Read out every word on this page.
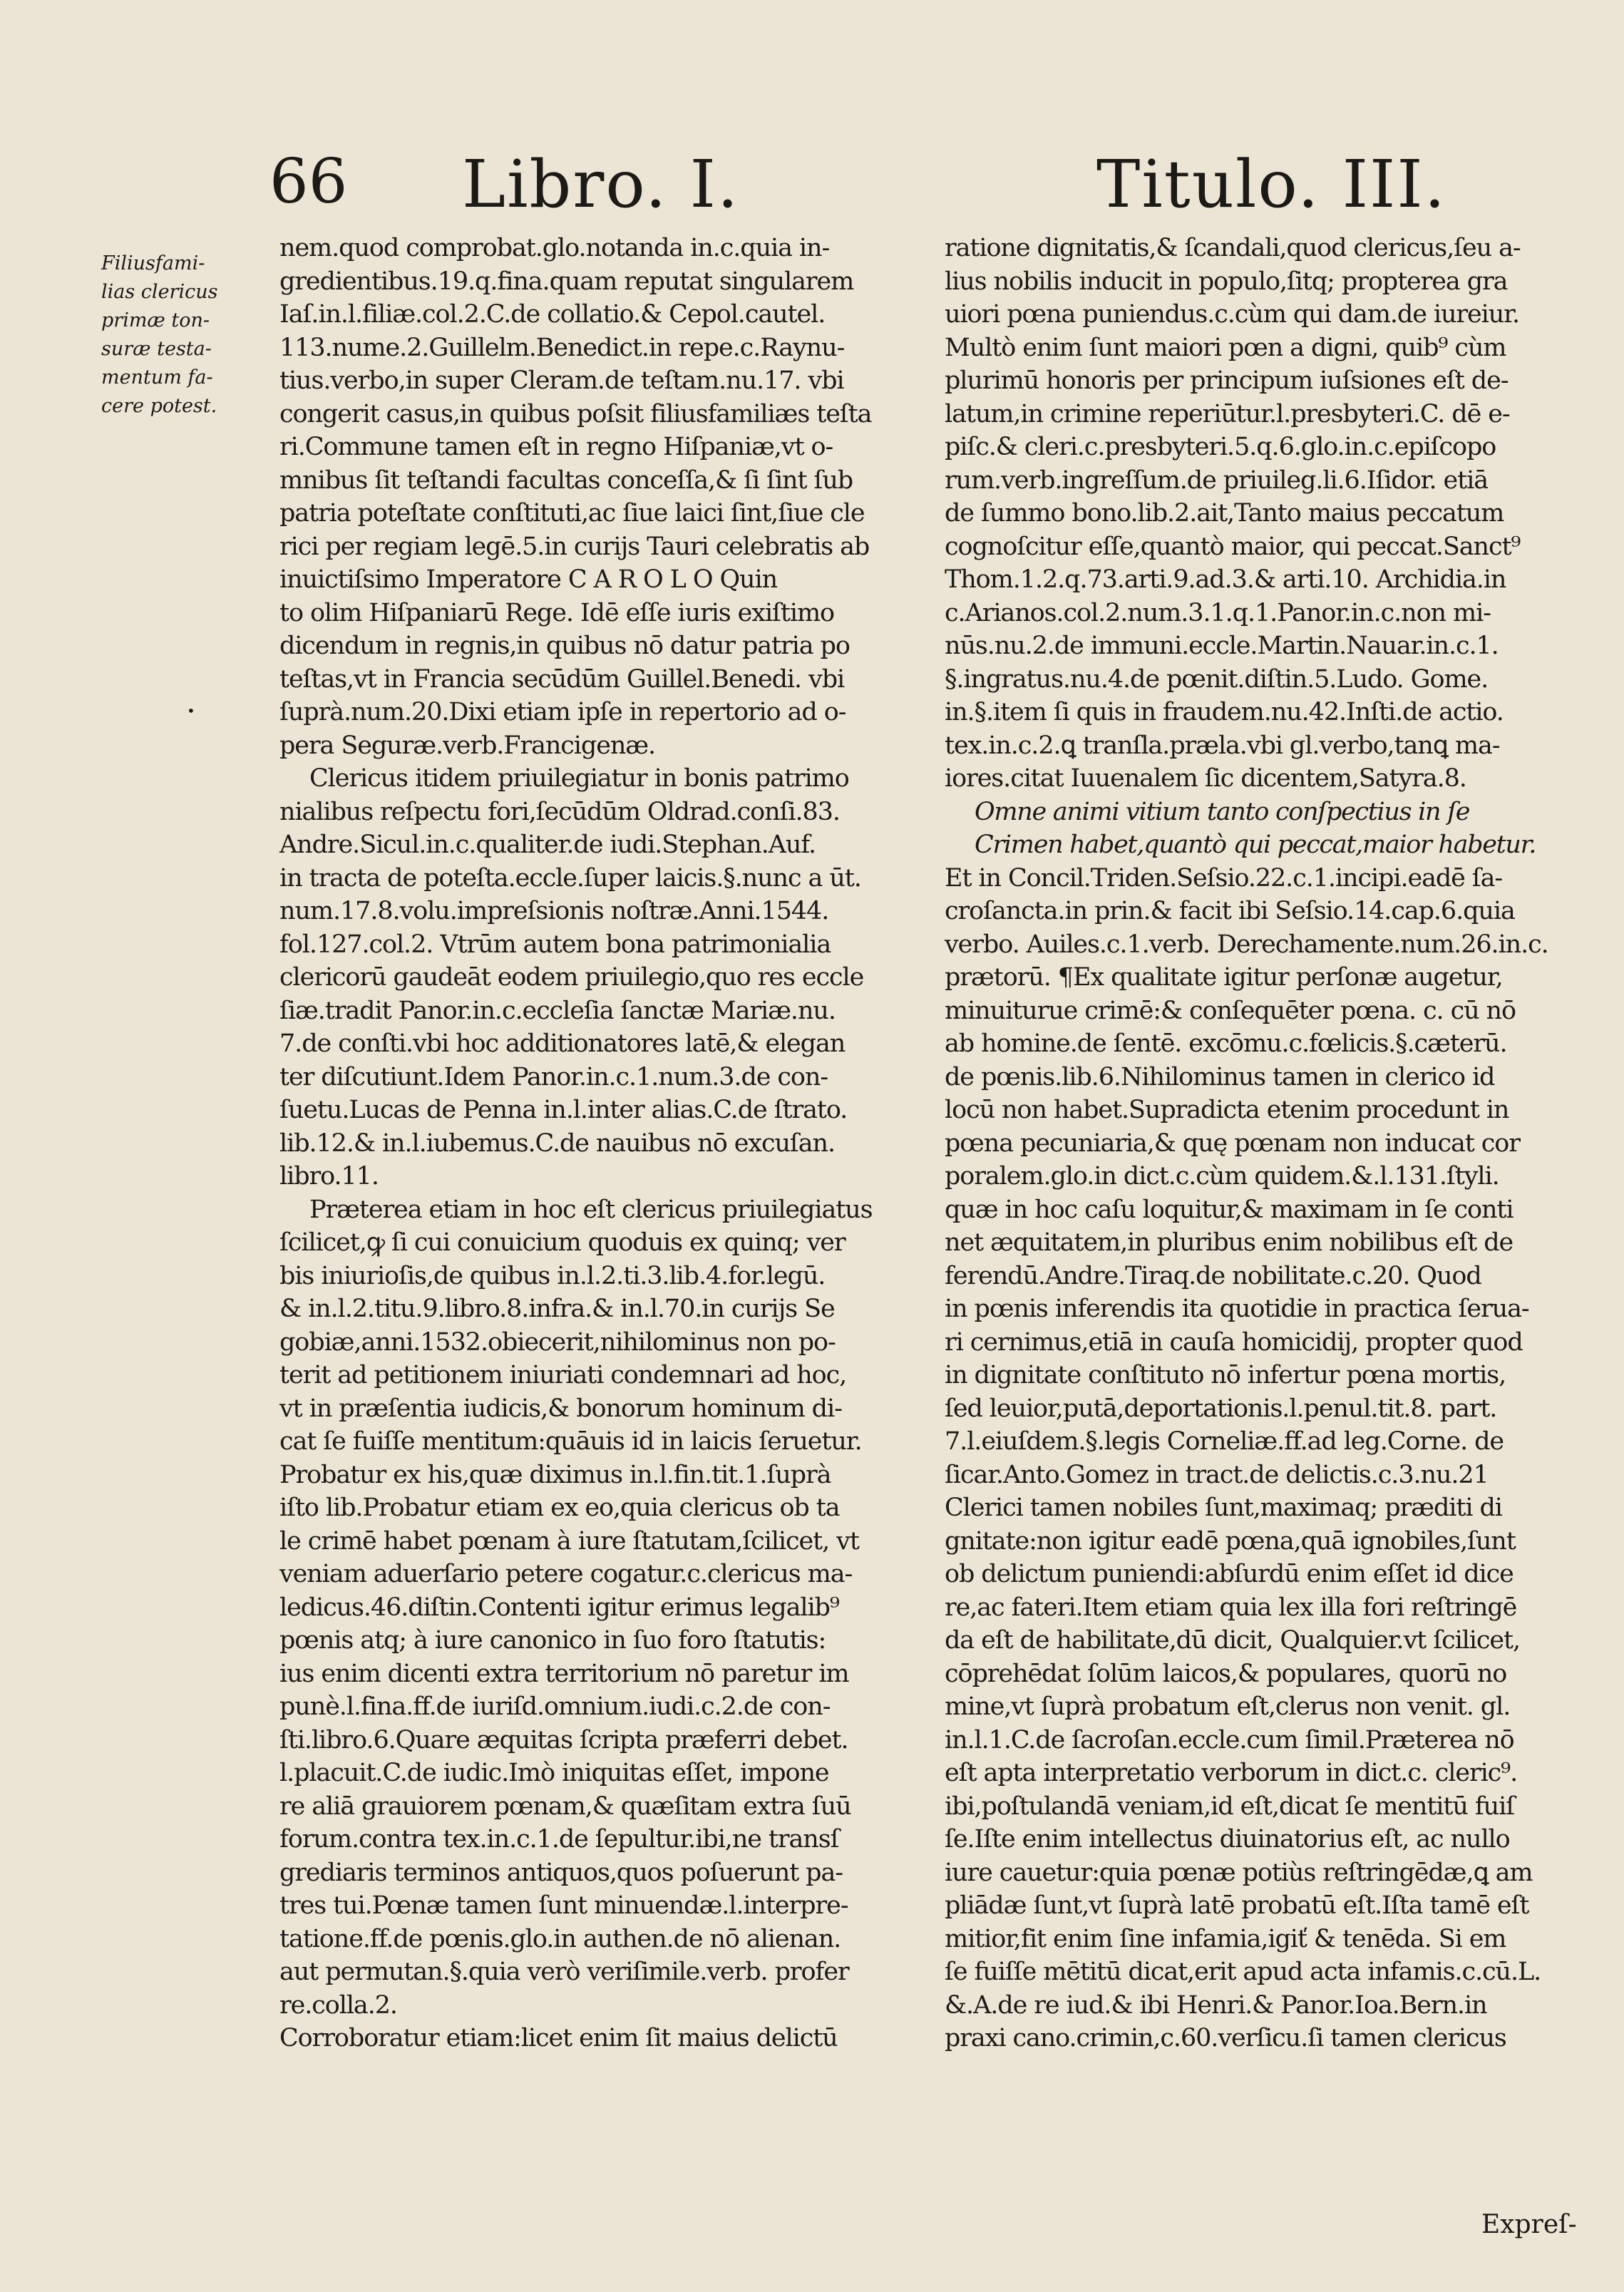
66 Libro. I.	Titulo. III.
Filiusfami-
lias clericus
primæ ton-
suræ testa-
mentum fa-
cere potest.
•
nem.quod comprobat.glo.notanda in.c.quia in-
gredientibus.19.q.fina.quam reputat singularem
Iaſ.in.l.filiæ.col.2.C.de collatio.& Cepol.cautel.
113.nume.2.Guillelm.Benedict.in repe.c.Raynu-
tius.verbo,in super Cleram.de teſtam.nu.17. vbi
congerit casus,in quibus poſsit filiusfamiliæs teſta
ri.Commune tamen eſt in regno Hiſpaniæ,vt o-
mnibus ſit teſtandi facultas conceſſa,& ſi ſint ſub
patria poteſtate conſtituti,ac ſiue laici ſint,ſiue cle
rici per regiam legē.5.in curijs Tauri celebratis ab
inuictiſsimo Imperatore C A R O L O Quin
to olim Hiſpaniarū Rege. Idē eſſe iuris exiſtimo
dicendum in regnis,in quibus nō datur patria po
teſtas,vt in Francia secūdūm Guillel.Benedi. vbi
ſuprà.num.20.Dixi etiam ipſe in repertorio ad o-
pera Seguræ.verb.Francigenæ.
Clericus itidem priuilegiatur in bonis patrimo
nialibus reſpectu fori,ſecūdūm Oldrad.conſi.83.
Andre.Sicul.in.c.qualiter.de iudi.Stephan.Auf.
in tracta de poteſta.eccle.ſuper laicis.§.nunc a ūt.
num.17.8.volu.impreſsionis noſtræ.Anni.1544.
fol.127.col.2. Vtrūm autem bona patrimonialia
clericorū gaudeāt eodem priuilegio,quo res eccle
ſiæ.tradit Panor.in.c.eccleſia ſanctæ Mariæ.nu.
7.de conſti.vbi hoc additionatores latē,& elegan
ter diſcutiunt.Idem Panor.in.c.1.num.3.de con-
ſuetu.Lucas de Penna in.l.inter alias.C.de ſtrato.
lib.12.& in.l.iubemus.C.de nauibus nō excuſan.
libro.11.
Præterea etiam in hoc eſt clericus priuilegiatus
ſcilicet,ꝙ ſi cui conuicium quoduis ex quinq; ver
bis iniurioſis,de quibus in.l.2.ti.3.lib.4.for.legū.
& in.l.2.titu.9.libro.8.infra.& in.l.70.in curijs Se
gobiæ,anni.1532.obiecerit,nihilominus non po-
terit ad petitionem iniuriati condemnari ad hoc,
vt in præſentia iudicis,& bonorum hominum di-
cat ſe fuiſſe mentitum:quāuis id in laicis ſeruetur.
Probatur ex his,quæ diximus in.l.fin.tit.1.ſuprà
iſto lib.Probatur etiam ex eo,quia clericus ob ta
le crimē habet pœnam à iure ſtatutam,ſcilicet, vt
veniam aduerſario petere cogatur.c.clericus ma-
ledicus.46.diſtin.Contenti igitur erimus legalib⁹
pœnis atq; à iure canonico in ſuo foro ſtatutis:
ius enim dicenti extra territorium nō paretur im
punè.l.fina.ff.de iuriſd.omnium.iudi.c.2.de con-
ſti.libro.6.Quare æquitas ſcripta præferri debet.
l.placuit.C.de iudic.Imò iniquitas eſſet, impone
re aliā grauiorem pœnam,& quæſitam extra ſuū
forum.contra tex.in.c.1.de ſepultur.ibi,ne transſ
grediaris terminos antiquos,quos poſuerunt pa-
tres tui.Pœnæ tamen ſunt minuendæ.l.interpre-
tatione.ff.de pœnis.glo.in authen.de nō alienan.
aut permutan.§.quia verò veriſimile.verb. profer
re.colla.2.
Corroboratur etiam:licet enim ſit maius delictū
ratione dignitatis,& ſcandali,quod clericus,ſeu a-
lius nobilis inducit in populo,ſitq; propterea gra
uiori pœna puniendus.c.cùm qui dam.de iureiur.
Multò enim ſunt maiori pœn a digni, quib⁹ cùm
plurimū honoris per principum iuſsiones eſt de-
latum,in crimine reperiūtur.l.presbyteri.C. dē e-
piſc.& cleri.c.presbyteri.5.q.6.glo.in.c.epiſcopo
rum.verb.ingreſſum.de priuileg.li.6.Iſidor. etiā
de ſummo bono.lib.2.ait,Tanto maius peccatum
cognoſcitur eſſe,quantò maior, qui peccat.Sanct⁹
Thom.1.2.q.73.arti.9.ad.3.& arti.10. Archidia.in
c.Arianos.col.2.num.3.1.q.1.Panor.in.c.non mi-
nūs.nu.2.de immuni.eccle.Martin.Nauar.in.c.1.
§.ingratus.nu.4.de pœnit.diſtin.5.Ludo. Gome.
in.§.item ſi quis in fraudem.nu.42.Inſti.de actio.
tex.in.c.2.ꝗ tranſla.præla.vbi gl.verbo,tanꝗ ma-
iores.citat Iuuenalem ſic dicentem,Satyra.8.
Omne animi vitium tanto conſpectius in ſe
Crimen habet,quantò qui peccat,maior habetur.
Et in Concil.Triden.Seſsio.22.c.1.incipi.eadē ſa-
croſancta.in prin.& facit ibi Seſsio.14.cap.6.quia
verbo. Auiles.c.1.verb. Derechamente.num.26.in.c.
prætorū. ¶Ex qualitate igitur perſonæ augetur,
minuiturue crimē:& conſequēter pœna. c. cū nō
ab homine.de ſentē. excōmu.c.fœlicis.§.cæterū.
de pœnis.lib.6.Nihilominus tamen in clerico id
locū non habet.Supradicta etenim procedunt in
pœna pecuniaria,& quę pœnam non inducat cor
poralem.glo.in dict.c.cùm quidem.&.l.131.ſtyli.
quæ in hoc caſu loquitur,& maximam in ſe conti
net æquitatem,in pluribus enim nobilibus eſt de
ferendū.Andre.Tiraq.de nobilitate.c.20. Quod
in pœnis inferendis ita quotidie in practica ſerua-
ri cernimus,etiā in cauſa homicidij, propter quod
in dignitate conſtituto nō infertur pœna mortis,
ſed leuior,putā,deportationis.l.penul.tit.8. part.
7.l.eiuſdem.§.legis Corneliæ.ff.ad leg.Corne. de
ſicar.Anto.Gomez in tract.de delictis.c.3.nu.21
Clerici tamen nobiles ſunt,maximaq; præditi di
gnitate:non igitur eadē pœna,quā ignobiles,ſunt
ob delictum puniendi:abſurdū enim eſſet id dice
re,ac fateri.Item etiam quia lex illa fori reſtringē
da eſt de habilitate,dū dicit, Qualquier.vt ſcilicet,
cōprehēdat ſolūm laicos,& populares, quorū no
mine,vt ſuprà probatum eſt,clerus non venit. gl.
in.l.1.C.de ſacroſan.eccle.cum ſimil.Præterea nō
eſt apta interpretatio verborum in dict.c. cleric⁹.
ibi,poſtulandā veniam,id eſt,dicat ſe mentitū fuiſ
ſe.Iſte enim intellectus diuinatorius eſt, ac nullo
iure cauetur:quia pœnæ potiùs reſtringēdæ,ꝗ am
pliādæ ſunt,vt ſuprà latē probatū eſt.Iſta tamē eſt
mitior,fit enim ſine infamia,igiť & tenēda. Si em
ſe fuiſſe mētitū dicat,erit apud acta infamis.c.cū.L.
&.A.de re iud.& ibi Henri.& Panor.Ioa.Bern.in
praxi cano.crimin,c.60.verſicu.ſi tamen clericus
Expreſ-
